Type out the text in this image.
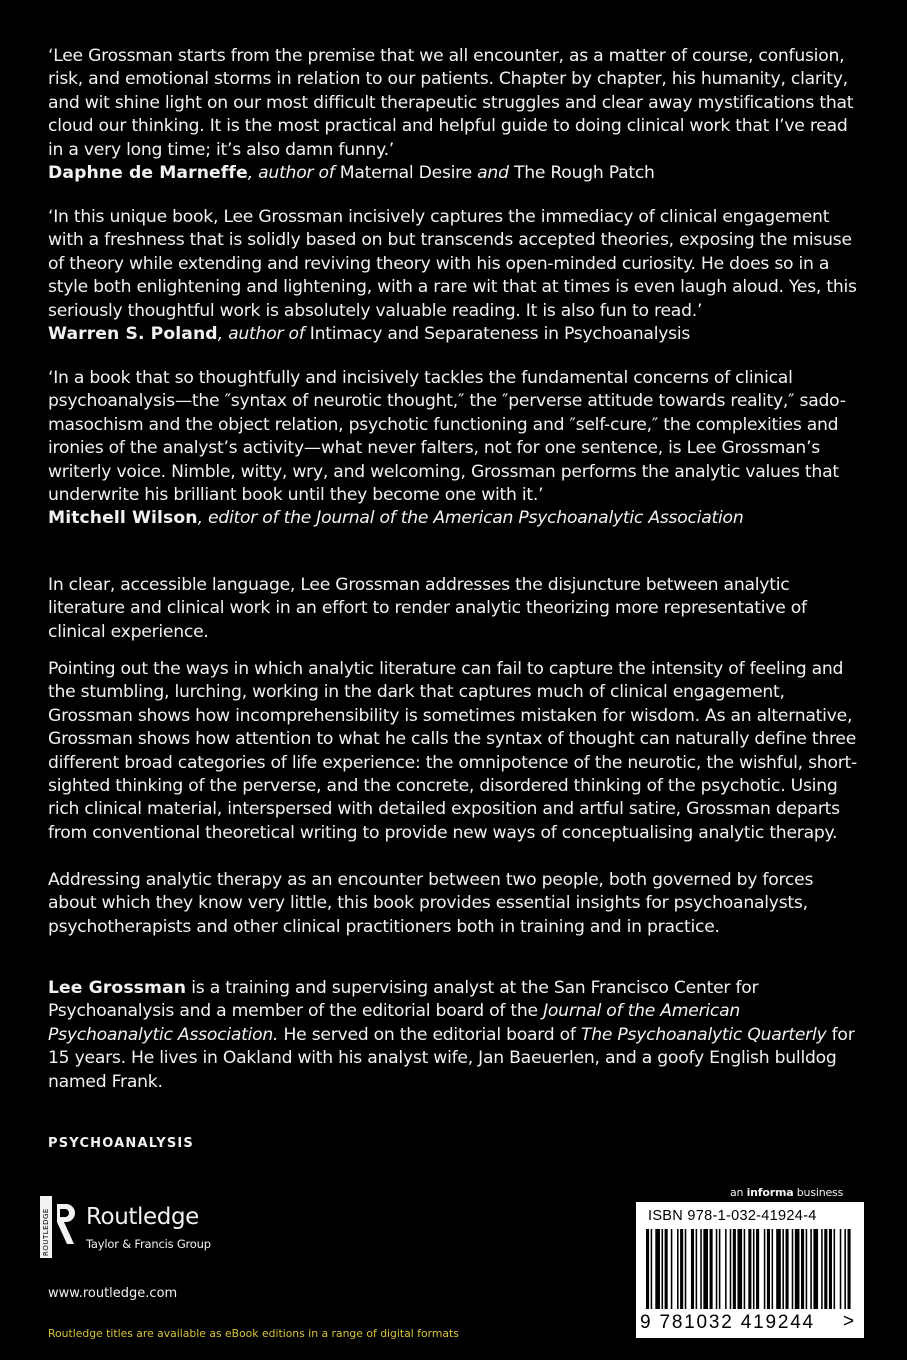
‘Lee Grossman starts from the premise that we all encounter, as a matter of course, confusion, risk, and emotional storms in relation to our patients. Chapter by chapter, his humanity, clarity, and wit shine light on our most difficult therapeutic struggles and clear away mystifications that cloud our thinking. It is the most practical and helpful guide to doing clinical work that I’ve read in a very long time; it’s also damn funny.’

Daphne de Marneffe, author of Maternal Desire and The Rough Patch

‘In this unique book, Lee Grossman incisively captures the immediacy of clinical engagement with a freshness that is solidly based on but transcends accepted theories, exposing the misuse of theory while extending and reviving theory with his open-minded curiosity. He does so in a style both enlightening and lightening, with a rare wit that at times is even laugh aloud. Yes, this seriously thoughtful work is absolutely valuable reading. It is also fun to read.’

Warren S. Poland, author of Intimacy and Separateness in Psychoanalysis

‘In a book that so thoughtfully and incisively tackles the fundamental concerns of clinical psychoanalysis—the ″syntax of neurotic thought,″ the ″perverse attitude towards reality,″ sado-masochism and the object relation, psychotic functioning and ″self-cure,″ the complexities and ironies of the analyst’s activity—what never falters, not for one sentence, is Lee Grossman’s writerly voice. Nimble, witty, wry, and welcoming, Grossman performs the analytic values that underwrite his brilliant book until they become one with it.’

Mitchell Wilson, editor of the Journal of the American Psychoanalytic Association

In clear, accessible language, Lee Grossman addresses the disjuncture between analytic literature and clinical work in an effort to render analytic theorizing more representative of clinical experience.

Pointing out the ways in which analytic literature can fail to capture the intensity of feeling and the stumbling, lurching, working in the dark that captures much of clinical engagement, Grossman shows how incomprehensibility is sometimes mistaken for wisdom. As an alternative, Grossman shows how attention to what he calls the syntax of thought can naturally define three different broad categories of life experience: the omnipotence of the neurotic, the wishful, short-sighted thinking of the perverse, and the concrete, disordered thinking of the psychotic. Using rich clinical material, interspersed with detailed exposition and artful satire, Grossman departs from conventional theoretical writing to provide new ways of conceptualising analytic therapy.

Addressing analytic therapy as an encounter between two people, both governed by forces about which they know very little, this book provides essential insights for psychoanalysts, psychotherapists and other clinical practitioners both in training and in practice.

Lee Grossman is a training and supervising analyst at the San Francisco Center for Psychoanalysis and a member of the editorial board of the Journal of the American Psychoanalytic Association. He served on the editorial board of The Psychoanalytic Quarterly for 15 years. He lives in Oakland with his analyst wife, Jan Baeuerlen, and a goofy English bulldog named Frank.
PSYCHOANALYSIS
ROUTLEDGE Routledge
Taylor & Francis Group
www.routledge.com
Routledge titles are available as eBook editions in a range of digital formats
an informa business
ISBN 978-1-032-41924-4
9 781032 419244 >
